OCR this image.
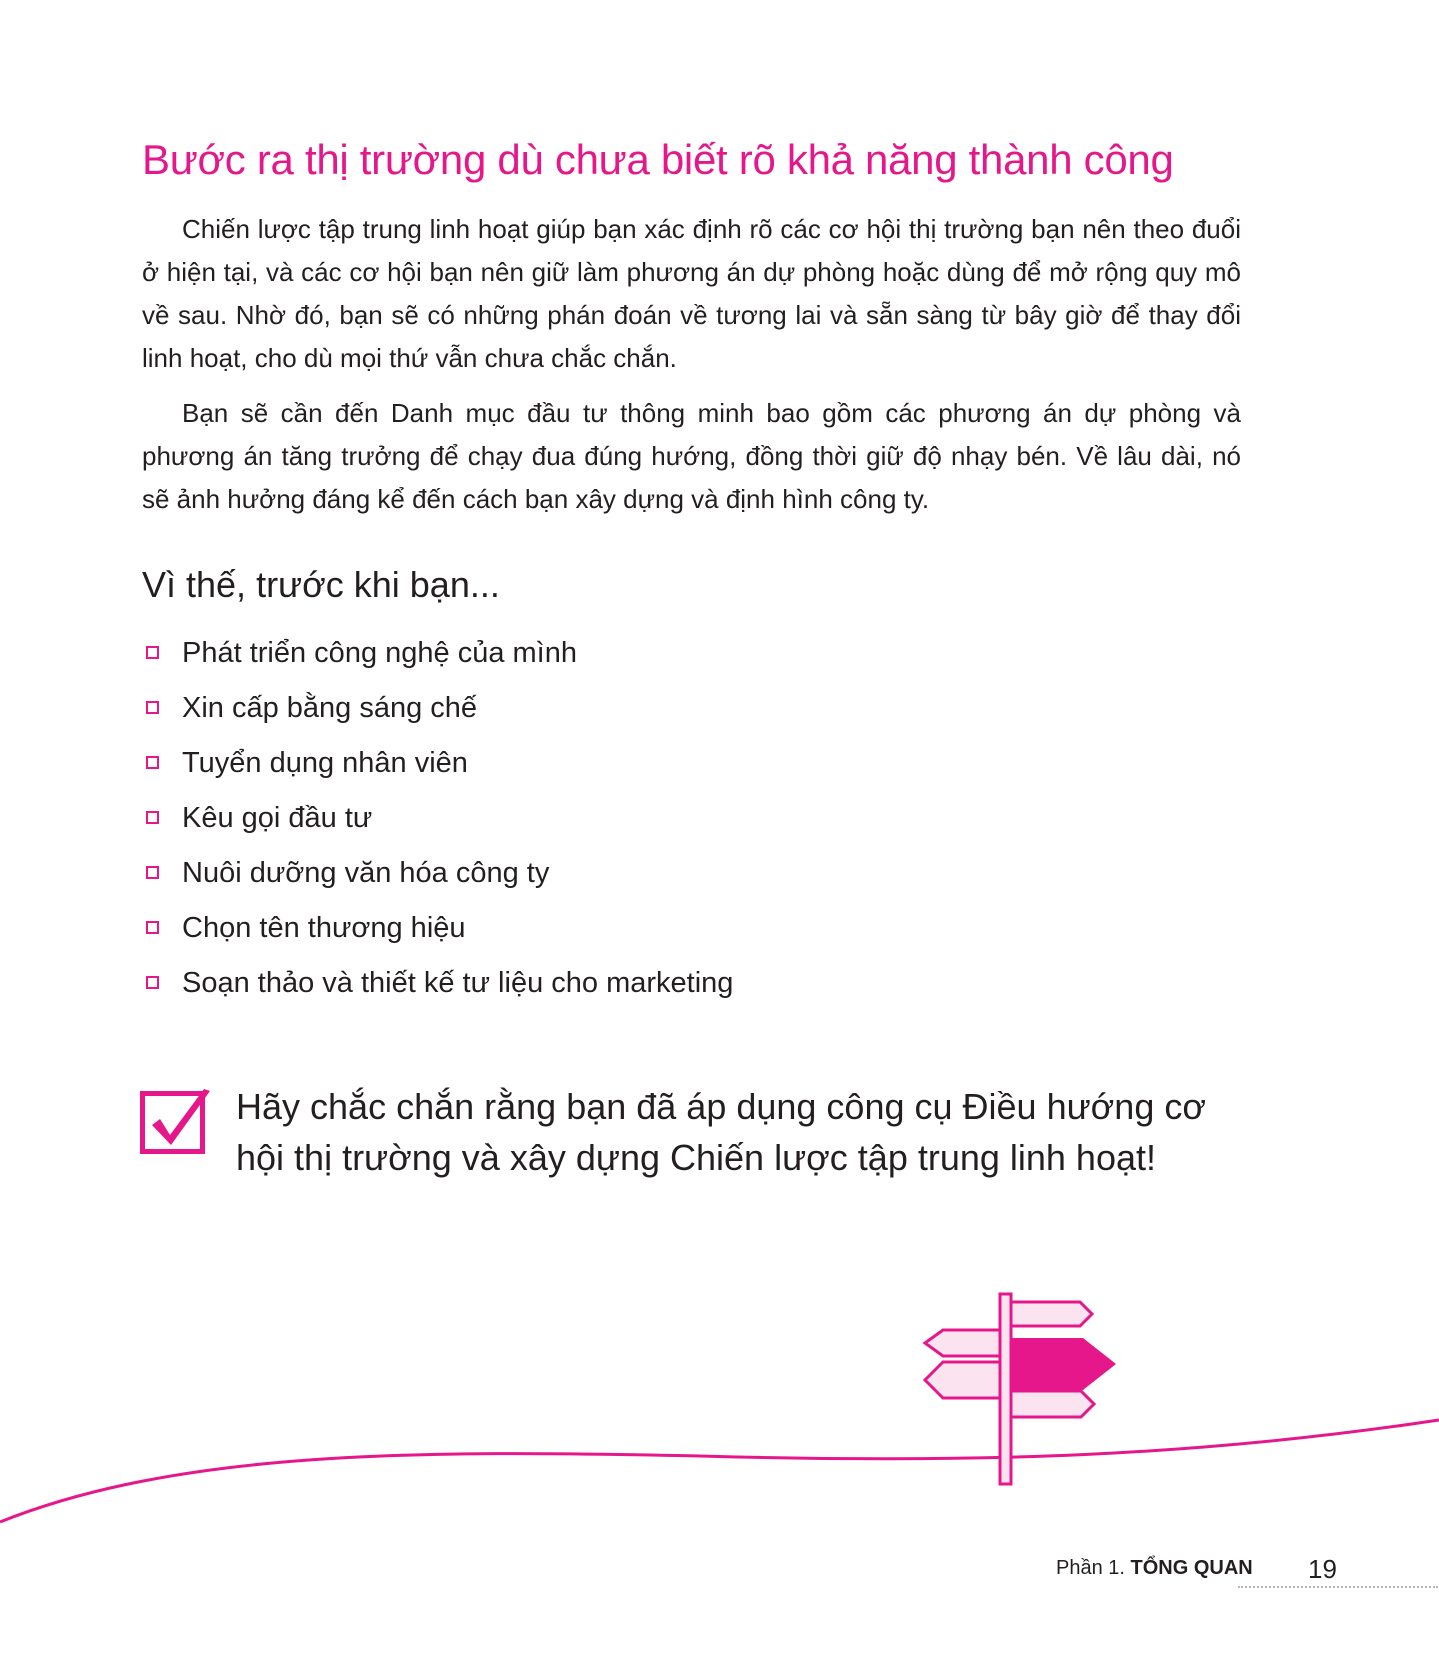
Bước ra thị trường dù chưa biết rõ khả năng thành công

Chiến lược tập trung linh hoạt giúp bạn xác định rõ các cơ hội thị trường bạn nên theo đuổi ở hiện tại, và các cơ hội bạn nên giữ làm phương án dự phòng hoặc dùng để mở rộng quy mô về sau. Nhờ đó, bạn sẽ có những phán đoán về tương lai và sẵn sàng từ bây giờ để thay đổi linh hoạt, cho dù mọi thứ vẫn chưa chắc chắn.

Bạn sẽ cần đến Danh mục đầu tư thông minh bao gồm các phương án dự phòng và phương án tăng trưởng để chạy đua đúng hướng, đồng thời giữ độ nhạy bén. Về lâu dài, nó sẽ ảnh hưởng đáng kể đến cách bạn xây dựng và định hình công ty.

Vì thế, trước khi bạn...
Phát triển công nghệ của mình
Xin cấp bằng sáng chế
Tuyển dụng nhân viên
Kêu gọi đầu tư
Nuôi dưỡng văn hóa công ty
Chọn tên thương hiệu
Soạn thảo và thiết kế tư liệu cho marketing

Hãy chắc chắn rằng bạn đã áp dụng công cụ Điều hướng cơ hội thị trường và xây dựng Chiến lược tập trung linh hoạt!

Phần 1. TỔNG QUAN 19
